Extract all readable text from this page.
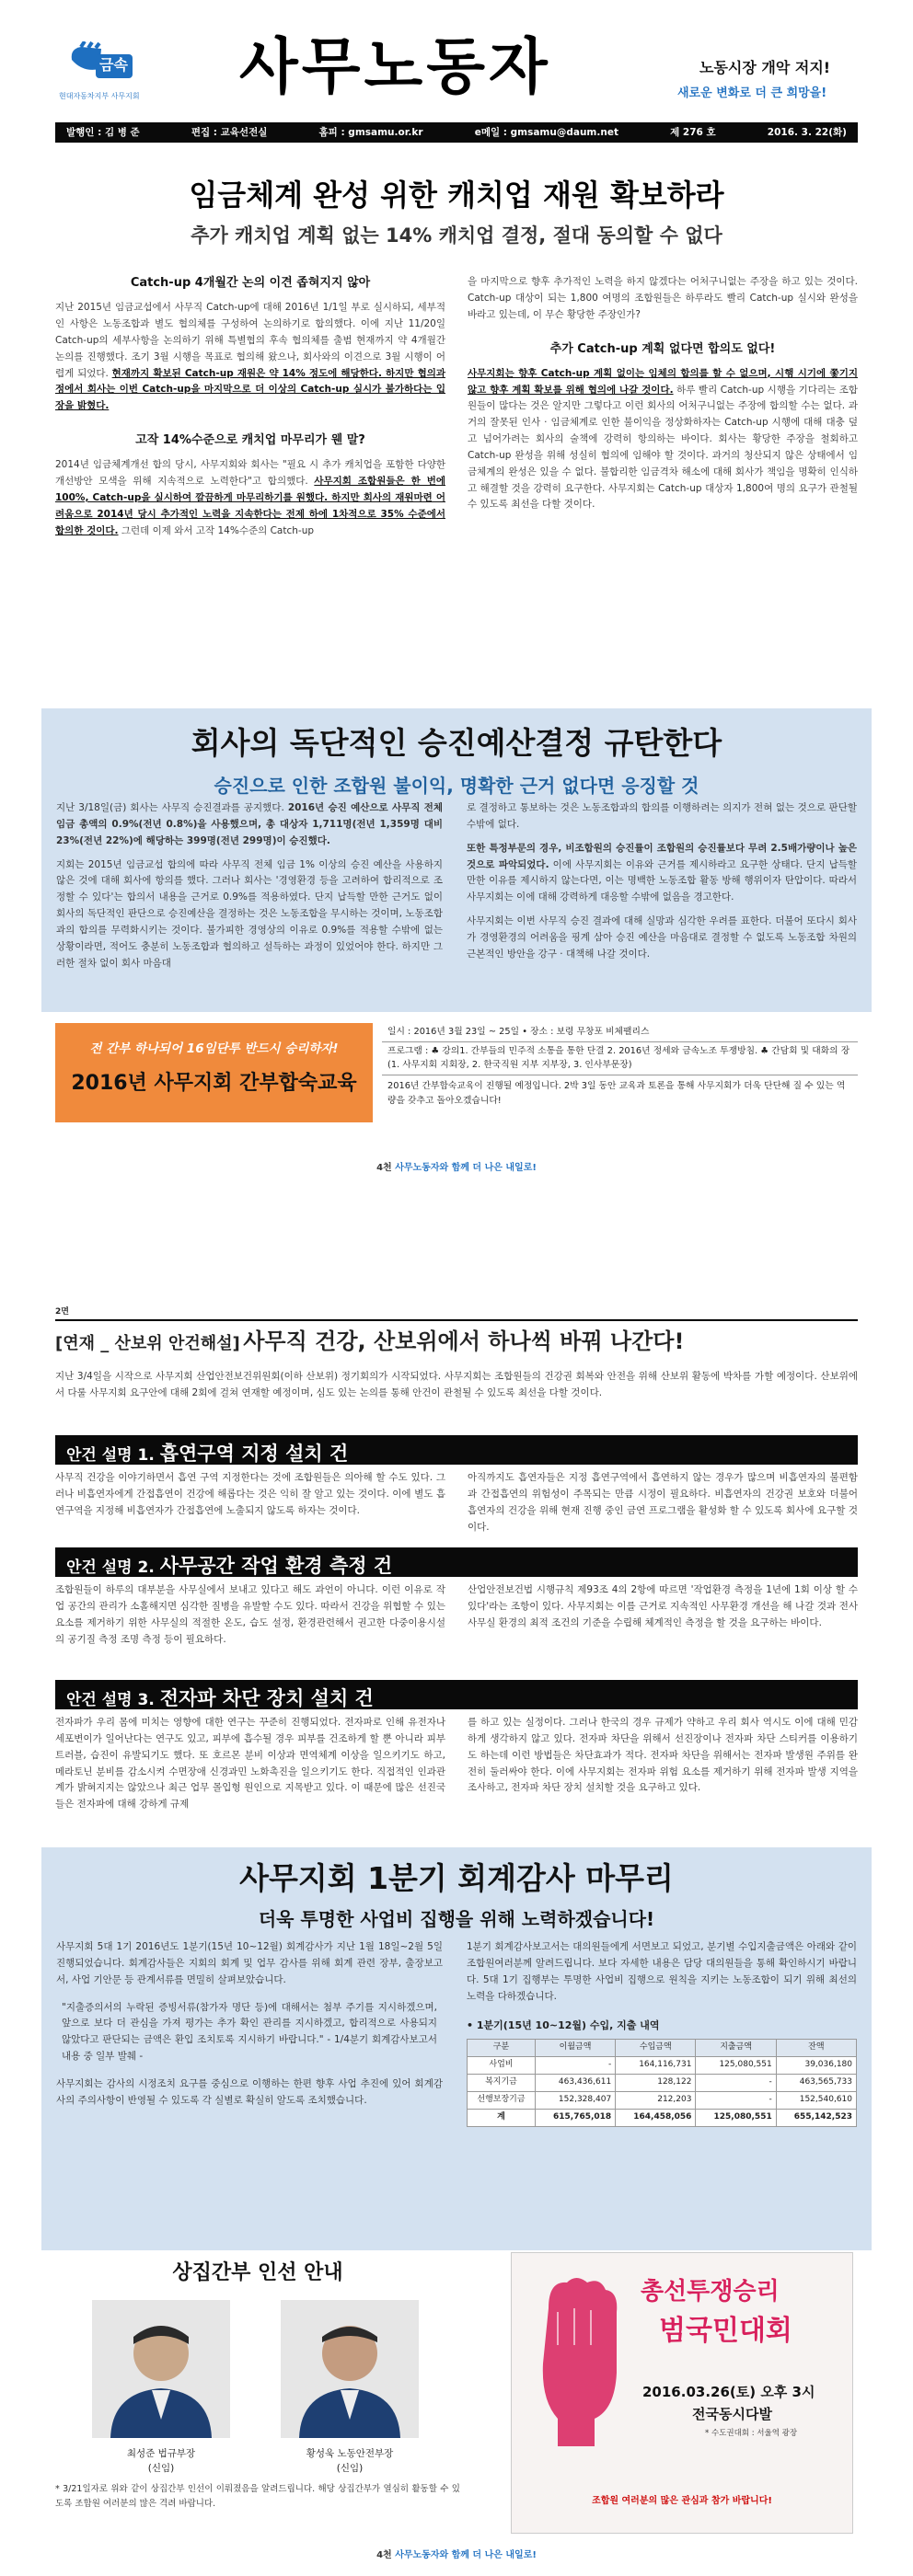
금속
현대자동차지부 사무지회 사무노동자	노동시장 개악 저지!
새로운 변화로 더 큰 희망을!
발행인 : 김 병 준	편집 : 교육선전실	홈피 : gmsamu.or.kr	e메일 : gmsamu@daum.net	제 276 호	2016. 3. 22(화)
임금체계 완성 위한 캐치업 재원 확보하라
추가 캐치업 계획 없는 14% 캐치업 결정, 절대 동의할 수 없다
Catch-up 4개월간 논의 이견 좁혀지지 않아

지난 2015년 임금교섭에서 사무직 Catch-up에 대해 2016년 1/1일 부로 실시하되, 세부적인 사항은 노동조합과 별도 협의체를 구성하여 논의하기로 합의했다. 이에 지난 11/20일 Catch-up의 세부사항을 논의하기 위해 특별협의 후속 협의체를 출범 현재까지 약 4개월간 논의를 진행했다. 조기 3월 시행을 목표로 협의해 왔으나, 회사와의 이견으로 3월 시행이 어렵게 되었다. 현재까지 확보된 Catch-up 재원은 약 14% 정도에 해당한다. 하지만 협의과정에서 회사는 이번 Catch-up을 마지막으로 더 이상의 Catch-up 실시가 불가하다는 입장을 밝혔다.

고작 14%수준으로 캐치업 마무리가 웬 말?

2014년 임금체계개선 합의 당시, 사무지회와 회사는 "필요 시 추가 캐치업을 포함한 다양한 개선방안 모색을 위해 지속적으로 노력한다"고 합의했다. 사무지회 조합원들은 한 번에 100%, Catch-up을 실시하여 깔끔하게 마무리하기를 원했다. 하지만 회사의 재원마련 어려움으로 2014년 당시 추가적인 노력을 지속한다는 전제 하에 1차적으로 35% 수준에서 합의한 것이다. 그런데 이제 와서 고작 14%수준의 Catch-up

을 마지막으로 향후 추가적인 노력을 하지 않겠다는 어처구니없는 주장을 하고 있는 것이다. Catch-up 대상이 되는 1,800 여명의 조합원들은 하루라도 빨리 Catch-up 실시와 완성을 바라고 있는데, 이 무슨 황당한 주장인가?

추가 Catch-up 계획 없다면 합의도 없다!

사무지회는 향후 Catch-up 계획 없이는 임체의 합의를 할 수 없으며, 시행 시기에 쫓기지 않고 향후 계획 확보를 위해 협의에 나갈 것이다. 하루 빨리 Catch-up 시행을 기다리는 조합원들이 많다는 것은 알지만 그렇다고 이런 회사의 어처구니없는 주장에 합의할 수는 없다. 과거의 잘못된 인사 · 임금체계로 인한 불이익을 정상화하자는 Catch-up 시행에 대해 대충 덮고 넘어가려는 회사의 술책에 강력히 항의하는 바이다. 회사는 황당한 주장을 철회하고 Catch-up 완성을 위해 성실히 협의에 임해야 할 것이다. 과거의 청산되지 않은 상태에서 임금체계의 완성은 있을 수 없다. 불합리한 임금격차 해소에 대해 회사가 책임을 명확히 인식하고 해결할 것을 강력히 요구한다. 사무지회는 Catch-up 대상자 1,800여 명의 요구가 관철될 수 있도록 최선을 다할 것이다.

회사의 독단적인 승진예산결정 규탄한다
승진으로 인한 조합원 불이익, 명확한 근거 없다면 응징할 것

지난 3/18일(금) 회사는 사무직 승진결과를 공지했다. 2016년 승진 예산으로 사무직 전체 임금 총액의 0.9%(전년 0.8%)을 사용했으며, 총 대상자 1,711명(전년 1,359명 대비 23%(전년 22%)에 해당하는 399명(전년 299명)이 승진했다.

지회는 2015년 임금교섭 합의에 따라 사무직 전체 임금 1% 이상의 승진 예산을 사용하지 않은 것에 대해 회사에 항의를 했다. 그러나 회사는 '경영환경 등을 고려하여 합리적으로 조정할 수 있다'는 합의서 내용을 근거로 0.9%를 적용하였다. 단지 납득할 만한 근거도 없이 회사의 독단적인 판단으로 승진예산을 결정하는 것은 노동조합을 무시하는 것이며, 노동조합과의 합의를 무력화시키는 것이다. 불가피한 경영상의 이유로 0.9%를 적용할 수밖에 없는 상황이라면, 적어도 충분히 노동조합과 협의하고 설득하는 과정이 있었어야 한다. 하지만 그러한 절차 없이 회사 마음대

로 결정하고 통보하는 것은 노동조합과의 합의를 이행하려는 의지가 전혀 없는 것으로 판단할 수밖에 없다.

또한 특정부문의 경우, 비조합원의 승진률이 조합원의 승진률보다 무려 2.5배가량이나 높은 것으로 파악되었다. 이에 사무지회는 이유와 근거를 제시하라고 요구한 상태다. 단지 납득할 만한 이유를 제시하지 않는다면, 이는 명백한 노동조합 활동 방해 행위이자 탄압이다. 따라서 사무지회는 이에 대해 강력하게 대응할 수밖에 없음을 경고한다.

사무지회는 이번 사무직 승진 결과에 대해 실망과 심각한 우려를 표한다. 더불어 또다시 회사가 경영환경의 어려움을 핑계 삼아 승진 예산을 마음대로 결정할 수 없도록 노동조합 차원의 근본적인 방안을 강구 · 대책해 나갈 것이다.

전 간부 하나되어 16임단투 반드시 승리하자!
2016년 사무지회 간부합숙교육
일시 : 2016년 3월 23일 ~ 25일 • 장소 : 보령 무창포 비체팰리스
프로그램 : ♣ 강의1. 간부들의 민주적 소통을 통한 단결 2. 2016년 정세와 금속노조 투쟁방침. ♣ 간담회 및 대화의 장(1. 사무지회 지회장, 2. 한국직원 지부 지부장, 3. 인사부문장)
2016년 간부합숙교육이 진행될 예정입니다. 2박 3일 동안 교육과 토론을 통해 사무지회가 더욱 단단해 질 수 있는 역량을 갖추고 돌아오겠습니다!
4천 사무노동자와 함께 더 나은 내일로!
2면
[연재 _ 산보위 안건해설] 사무직 건강, 산보위에서 하나씩 바꿔 나간다!

지난 3/4일을 시작으로 사무지회 산업안전보건위원회(이하 산보위) 정기회의가 시작되었다. 사무지회는 조합원들의 건강권 회복와 안전을 위해 산보위 활동에 박차를 가할 예정이다. 산보위에서 다룰 사무지회 요구안에 대해 2회에 걸쳐 연재할 예정이며, 심도 있는 논의를 통해 안건이 관철될 수 있도록 최선을 다할 것이다.

안건 설명 1. 흡연구역 지정 설치 건

사무직 건강을 이야기하면서 흡연 구역 지정한다는 것에 조합원들은 의아해 할 수도 있다. 그러나 비흡연자에게 간접흡연이 건강에 해롭다는 것은 익히 잘 알고 있는 것이다. 이에 별도 흡연구역을 지정해 비흡연자가 간접흡연에 노출되지 않도록 하자는 것이다.

아직까지도 흡연자들은 지정 흡연구역에서 흡연하지 않는 경우가 많으며 비흡연자의 불편함과 간접흡연의 위험성이 주목되는 만큼 시정이 필요하다. 비흡연자의 건강권 보호와 더불어 흡연자의 건강을 위해 현재 진행 중인 금연 프로그램을 활성화 할 수 있도록 회사에 요구할 것이다.

안건 설명 2. 사무공간 작업 환경 측정 건

조합원들이 하루의 대부분을 사무실에서 보내고 있다고 해도 과언이 아니다. 이런 이유로 작업 공간의 관리가 소홀해지면 심각한 질병을 유발할 수도 있다. 따라서 건강을 위협할 수 있는 요소를 제거하기 위한 사무실의 적절한 온도, 습도 설정, 환경관련해서 권고한 다중이용시설의 공기질 측정 조명 측정 등이 필요하다.

산업안전보건법 시행규칙 제93조 4의 2항에 따르면 '작업환경 측정을 1년에 1회 이상 할 수 있다'라는 조항이 있다. 사무지회는 이를 근거로 지속적인 사무환경 개선을 해 나갈 것과 전사 사무실 환경의 최적 조건의 기준을 수립해 체계적인 측정을 할 것을 요구하는 바이다.

안건 설명 3. 전자파 차단 장치 설치 건

전자파가 우리 몸에 미치는 영향에 대한 연구는 꾸준히 진행되었다. 전자파로 인해 유전자나 세포변이가 일어난다는 연구도 있고, 피부에 흡수될 경우 피부를 건조하게 할 뿐 아니라 피부트러블, 습진이 유발되기도 했다. 또 호르몬 분비 이상과 면역체계 이상을 일으키기도 하고, 메라토닌 분비를 감소시켜 수면장애 신경과민 노화촉진을 일으키기도 한다. 직접적인 인과관계가 밝혀지지는 않았으나 최근 업무 몰입형 원인으로 지목받고 있다. 이 때문에 많은 선진국들은 전자파에 대해 강하게 규제

를 하고 있는 실정이다. 그러나 한국의 경우 규제가 약하고 우리 회사 역시도 이에 대해 민감하게 생각하지 않고 있다. 전자파 차단을 위해서 선진장이나 전자파 차단 스티커를 이용하기도 하는데 이런 방법들은 차단효과가 적다. 전자파 차단을 위해서는 전자파 발생원 주위를 완전히 둘러싸야 한다. 이에 사무지회는 전자파 위험 요소를 제거하기 위해 전자파 발생 지역을 조사하고, 전자파 차단 장치 설치할 것을 요구하고 있다.

사무지회 1분기 회계감사 마무리
더욱 투명한 사업비 집행을 위해 노력하겠습니다!

사무지회 5대 1기 2016년도 1분기(15년 10~12월) 회계감사가 지난 1월 18일~2월 5일 진행되었습니다. 회계감사들은 지회의 회계 및 업무 감사를 위해 회계 관련 장부, 출장보고서, 사업 기안문 등 관계서류를 면밀히 살펴보았습니다.

"지출증의서의 누락된 증빙서류(참가자 명단 등)에 대해서는 첨부 주기를 지시하겠으며, 앞으로 보다 더 관심을 가져 평가는 추가 확인 관리를 지시하겠고, 합리적으로 사용되지 않았다고 판단되는 금액은 환입 조치토록 지시하기 바랍니다." - 1/4분기 회계감사보고서 내용 중 일부 발췌 -

사무지회는 감사의 시정조치 요구를 중심으로 이행하는 한편 향후 사업 추진에 있어 회계감사의 주의사항이 반영될 수 있도록 각 실별로 확실히 알도록 조치했습니다.

1분기 회계감사보고서는 대의원들에게 서면보고 되었고, 분기별 수입지출금액은 아래와 같이 조합원여러분께 알려드립니다. 보다 자세한 내용은 담당 대의원들을 통해 확인하시기 바랍니다. 5대 1기 집행부는 투명한 사업비 집행으로 원칙을 지키는 노동조합이 되기 위해 최선의 노력을 다하겠습니다.

• 1분기(15년 10~12월) 수입, 지출 내역
구분	이월금액	수입금액	지출금액	잔액
사업비	-	164,116,731	125,080,551	39,036,180
복지기금	463,436,611	128,122	-	463,565,733
선행보장기금	152,328,407	212,203	-	152,540,610
계	615,765,018	164,458,056	125,080,551	655,142,523
상집간부 인선 안내
최성준 법규부장
(신임)
황성욱 노동안전부장
(신임)

* 3/21일자로 위와 같이 상집간부 인선이 이뤄졌음을 알려드립니다. 해당 상집간부가 열심히 활동할 수 있도록 조합원 여러분의 많은 격려 바랍니다.

총선투쟁승리
범국민대회
2016.03.26(토) 오후 3시
전국동시다발
* 수도권대회 : 서울역 광장
조합원 여러분의 많은 관심과 참가 바랍니다!
4천 사무노동자와 함께 더 나은 내일로!
